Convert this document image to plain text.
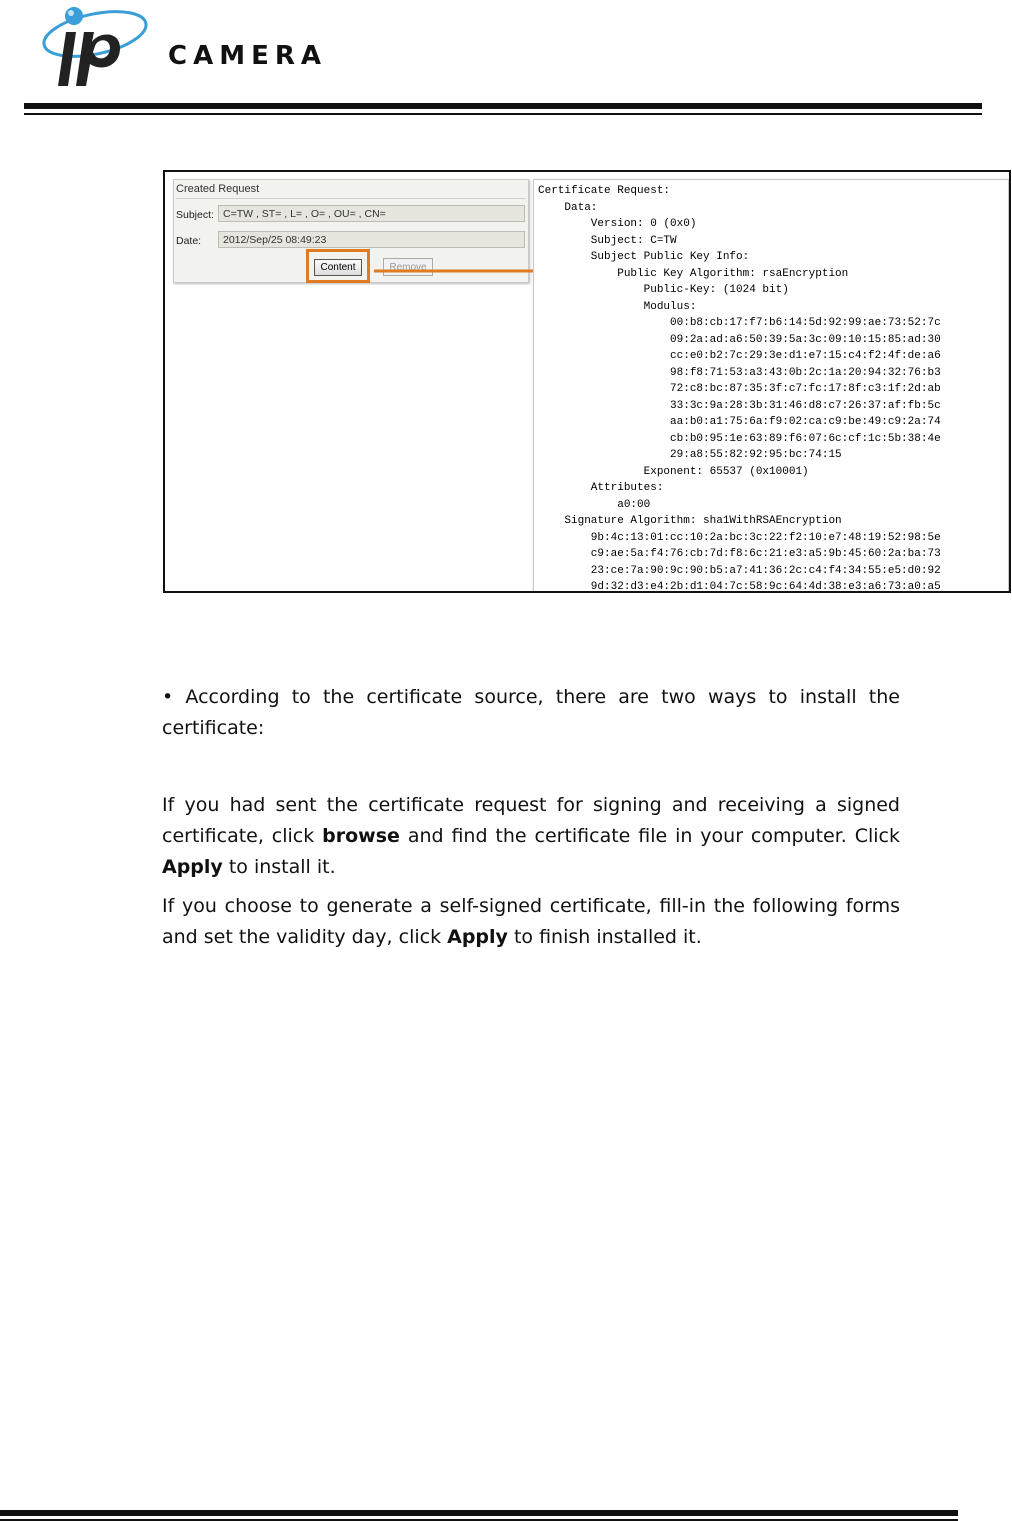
CAMERA
Created Request
Subject: C=TW , ST= , L= , O= , OU= , CN=
Date:	2012/Sep/25 08:49:23
Content	Remove
Certificate Request:
Data:
Version: 0 (0x0)
Subject: C=TW
Subject Public Key Info:
Public Key Algorithm: rsaEncryption
Public-Key: (1024 bit)
Modulus:
00:b8:cb:17:f7:b6:14:5d:92:99:ae:73:52:7c
09:2a:ad:a6:50:39:5a:3c:09:10:15:85:ad:30
cc:e0:b2:7c:29:3e:d1:e7:15:c4:f2:4f:de:a6
98:f8:71:53:a3:43:0b:2c:1a:20:94:32:76:b3
72:c8:bc:87:35:3f:c7:fc:17:8f:c3:1f:2d:ab
33:3c:9a:28:3b:31:46:d8:c7:26:37:af:fb:5c
aa:b0:a1:75:6a:f9:02:ca:c9:be:49:c9:2a:74
cb:b0:95:1e:63:89:f6:07:6c:cf:1c:5b:38:4e
29:a8:55:82:92:95:bc:74:15
Exponent: 65537 (0x10001)
Attributes:
a0:00
Signature Algorithm: sha1WithRSAEncryption
9b:4c:13:01:cc:10:2a:bc:3c:22:f2:10:e7:48:19:52:98:5e
c9:ae:5a:f4:76:cb:7d:f8:6c:21:e3:a5:9b:45:60:2a:ba:73
23:ce:7a:90:9c:90:b5:a7:41:36:2c:c4:f4:34:55:e5:d0:92
9d:32:d3:e4:2b:d1:04:7c:58:9c:64:4d:38:e3:a6:73:a0:a5

• According to the certificate source, there are two ways to install the certificate:

If you had sent the certificate request for signing and receiving a signed certificate, click browse and find the certificate file in your computer. Click Apply to install it.

If you choose to generate a self-signed certificate, fill-in the following forms and set the validity day, click Apply to finish installed it.
